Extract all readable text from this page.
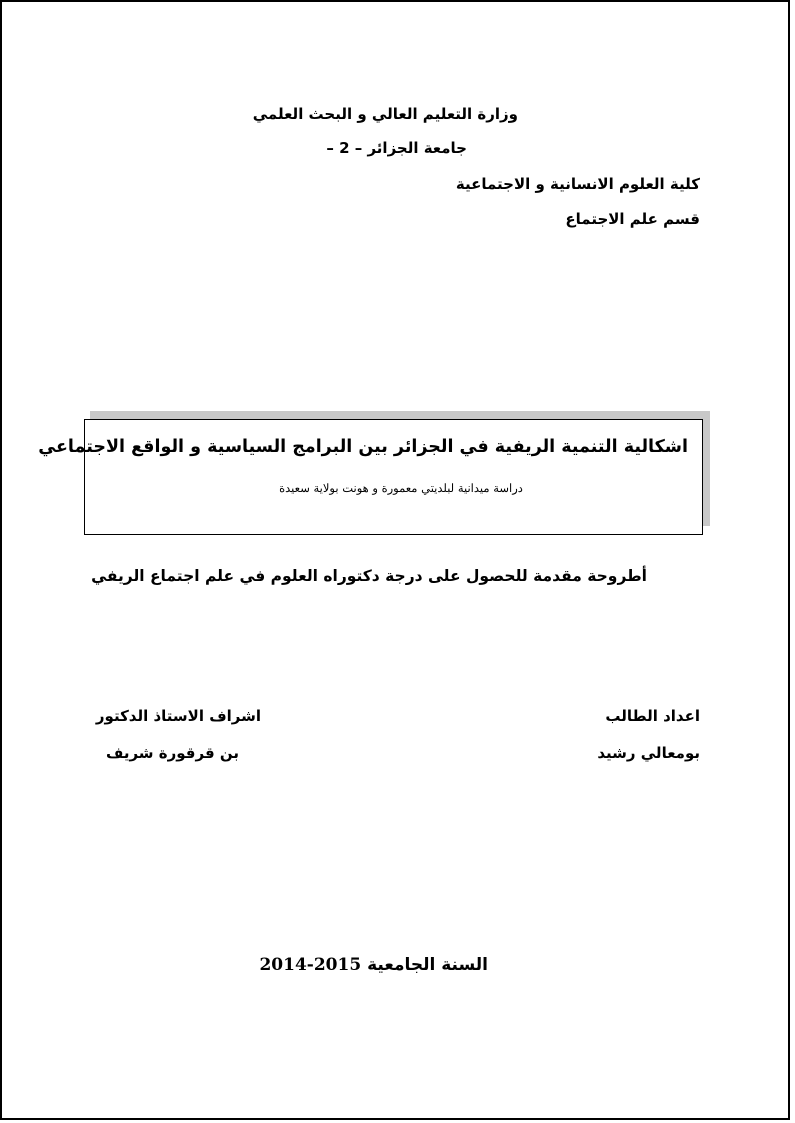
وزارة التعليم العالي و البحث العلمي
جامعة الجزائر – 2 –
كلية العلوم الانسانية و الاجتماعية
قسم علم الاجتماع
اشكالية التنمية الريفية في الجزائر بين البرامج السياسية و الواقع الاجتماعي
دراسة ميدانية لبلديتي معمورة و هونت بولاية سعيدة
أطروحة مقدمة للحصول على درجة دكتوراه العلوم في علم اجتماع الريفي
اعداد الطالب
اشراف الاستاذ الدكتور
بومعالي رشيد
بن قرقورة شريف
السنة الجامعية 2015-2014
